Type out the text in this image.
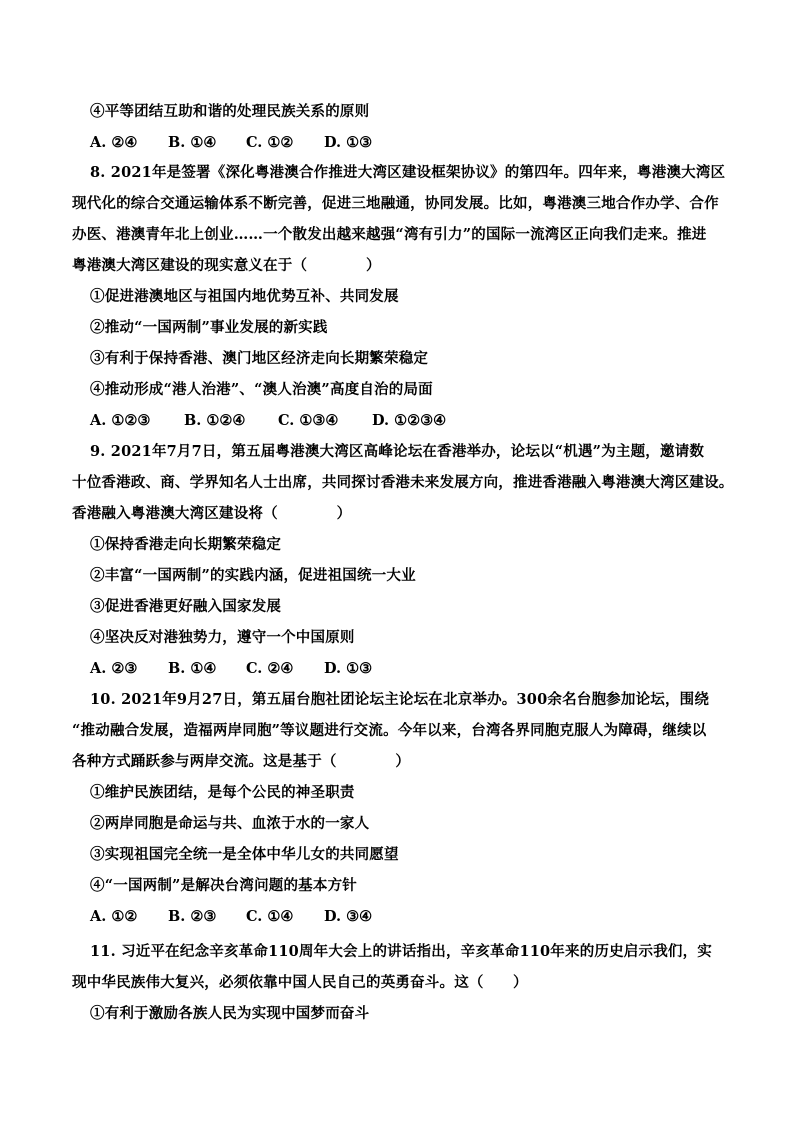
④平等团结互助和谐的处理民族关系的原则
A. ②④	B. ①④	C. ①②	D. ①③
8. 2021年是签署《深化粤港澳合作推进大湾区建设框架协议》的第四年。四年来，粤港澳大湾区
现代化的综合交通运输体系不断完善，促进三地融通，协同发展。比如，粤港澳三地合作办学、合作
办医、港澳青年北上创业……一个散发出越来越强“湾有引力”的国际一流湾区正向我们走来。推进
粤港澳大湾区建设的现实意义在于（　　　　）
①促进港澳地区与祖国内地优势互补、共同发展
②推动“一国两制”事业发展的新实践
③有利于保持香港、澳门地区经济走向长期繁荣稳定
④推动形成“港人治港”、“澳人治澳”高度自治的局面
A. ①②③	B. ①②④	C. ①③④	D. ①②③④
9. 2021年7月7日，第五届粤港澳大湾区高峰论坛在香港举办，论坛以“机遇”为主题，邀请数
十位香港政、商、学界知名人士出席，共同探讨香港未来发展方向，推进香港融入粤港澳大湾区建设。
香港融入粤港澳大湾区建设将（　　　　）
①保持香港走向长期繁荣稳定
②丰富“一国两制”的实践内涵，促进祖国统一大业
③促进香港更好融入国家发展
④坚决反对港独势力，遵守一个中国原则
A. ②③	B. ①④	C. ②④	D. ①③
10. 2021年9月27日，第五届台胞社团论坛主论坛在北京举办。300余名台胞参加论坛，围绕
“推动融合发展，造福两岸同胞”等议题进行交流。今年以来，台湾各界同胞克服人为障碍，继续以
各种方式踊跃参与两岸交流。这是基于（　　　　）
①维护民族团结，是每个公民的神圣职责
②两岸同胞是命运与共、血浓于水的一家人
③实现祖国完全统一是全体中华儿女的共同愿望
④“一国两制”是解决台湾问题的基本方针
A. ①②	B. ②③	C. ①④	D. ③④
11. 习近平在纪念辛亥革命110周年大会上的讲话指出，辛亥革命110年来的历史启示我们，实
现中华民族伟大复兴，必须依靠中国人民自己的英勇奋斗。这（　　）
①有利于激励各族人民为实现中国梦而奋斗
